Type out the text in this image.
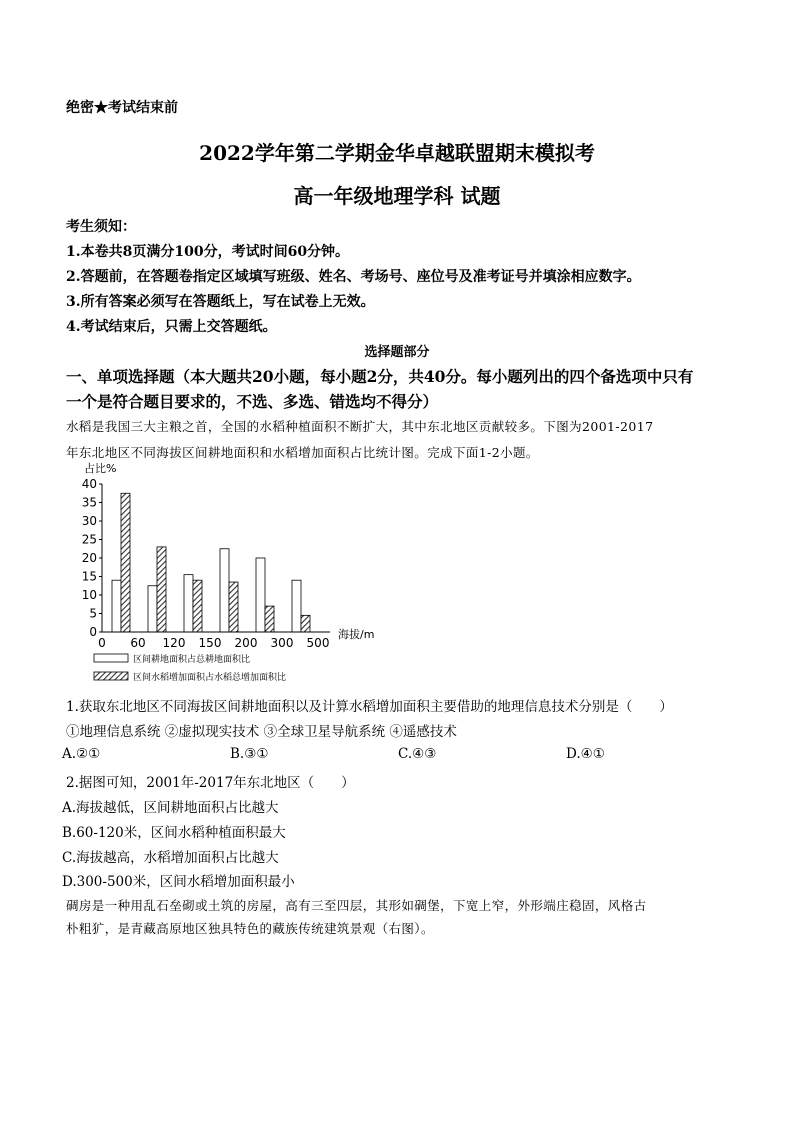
绝密★考试结束前
2022学年第二学期金华卓越联盟期末模拟考
高一年级地理学科 试题
考生须知：
1.本卷共8页满分100分，考试时间60分钟。
2.答题前，在答题卷指定区域填写班级、姓名、考场号、座位号及准考证号并填涂相应数字。
3.所有答案必须写在答题纸上，写在试卷上无效。
4.考试结束后，只需上交答题纸。
选择题部分
一、单项选择题（本大题共20小题，每小题2分，共40分。每小题列出的四个备选项中只有
一个是符合题目要求的，不选、多选、错选均不得分）
水稻是我国三大主粮之首，全国的水稻种植面积不断扩大，其中东北地区贡献较多。下图为2001-2017
年东北地区不同海拔区间耕地面积和水稻增加面积占比统计图。完成下面1-2小题。
占比%
0
5
10
15
20
25
30
35
40
0 60 120 150 200 300 500
海拔/m
区间耕地面积占总耕地面积比
区间水稻增加面积占水稻总增加面积比
1.获取东北地区不同海拔区间耕地面积以及计算水稻增加面积主要借助的地理信息技术分别是（　　）
①地理信息系统 ②虚拟现实技术 ③全球卫星导航系统 ④遥感技术
A.②①	B.③①	C.④③	D.④①
2.据图可知，2001年-2017年东北地区（　　）
A.海拔越低，区间耕地面积占比越大
B.60-120米，区间水稻种植面积最大
C.海拔越高，水稻增加面积占比越大
D.300-500米，区间水稻增加面积最小
碉房是一种用乱石垒砌或土筑的房屋，高有三至四层，其形如碉堡，下宽上窄，外形端庄稳固，风格古
朴粗犷，是青藏高原地区独具特色的藏族传统建筑景观（右图）。
